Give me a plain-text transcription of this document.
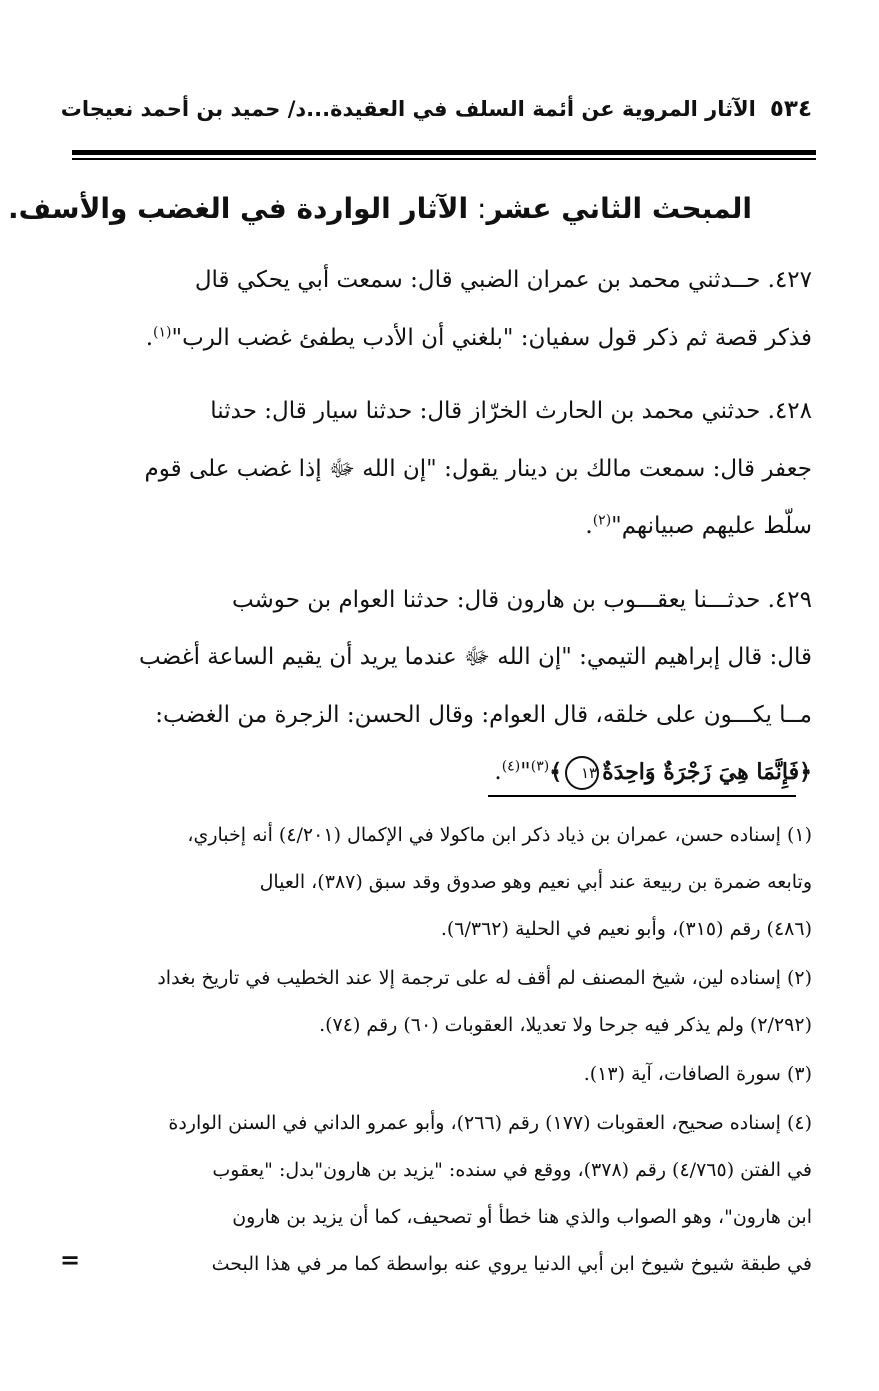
٥٣٤
الآثار المروية عن أئمة السلف في العقيدة...د/ حميد بن أحمد نعيجات
المبحث الثاني عشر: الآثار الواردة في الغضب والأسف.

٤٢٧. حــدثني محمد بن عمران الضبي قال: سمعت أبي يحكي قال

فذكر قصة ثم ذكر قول سفيان: "بلغني أن الأدب يطفئ غضب الرب"$^{(١)}$.

٤٢٨. حدثني محمد بن الحارث الخرّاز قال: حدثنا سيار قال: حدثنا

جعفر قال: سمعت مالك بن دينار يقول: "إن الله ﷻ إذا غضب على قوم

سلّط عليهم صبيانهم"$^{(٢)}$.

٤٢٩. حدثـــنا يعقـــوب بن هارون قال: حدثنا العوام بن حوشب

قال: قال إبراهيم التيمي: "إن الله ﷻ عندما يريد أن يقيم الساعة أغضب

مــا يكـــون على خلقه، قال العوام: وقال الحسن: الزجرة من الغضب:

﴿فَإِنَّمَا هِيَ زَجْرَةٌ وَاحِدَةٌ١٣﴾$^{(٣)}$"$^{(٤)}$.

(١)إسناده حسن، عمران بن ذياد ذكر ابن ماكولا في الإكمال (٤/٢٠١) أنه إخباري،

وتابعه ضمرة بن ربيعة عند أبي نعيم وهو صدوق وقد سبق (٣٨٧)، العيال

(٤٨٦) رقم (٣١٥)، وأبو نعيم في الحلية (٦/٣٦٢).

(٢)إسناده لين، شيخ المصنف لم أقف له على ترجمة إلا عند الخطيب في تاريخ بغداد

(٢/٢٩٢) ولم يذكر فيه جرحا ولا تعديلا، العقوبات (٦٠) رقم (٧٤).

(٣)سورة الصافات، آية (١٣).

(٤)إسناده صحيح، العقوبات (١٧٧) رقم (٢٦٦)، وأبو عمرو الداني في السنن الواردة

في الفتن (٤/٧٦٥) رقم (٣٧٨)، ووقع في سنده: "يزيد بن هارون"بدل: "يعقوب

ابن هارون"، وهو الصواب والذي هنا خطأ أو تصحيف، كما أن يزيد بن هارون

في طبقة شيوخ شيوخ ابن أبي الدنيا يروي عنه بواسطة كما مر في هذا البحث

=
